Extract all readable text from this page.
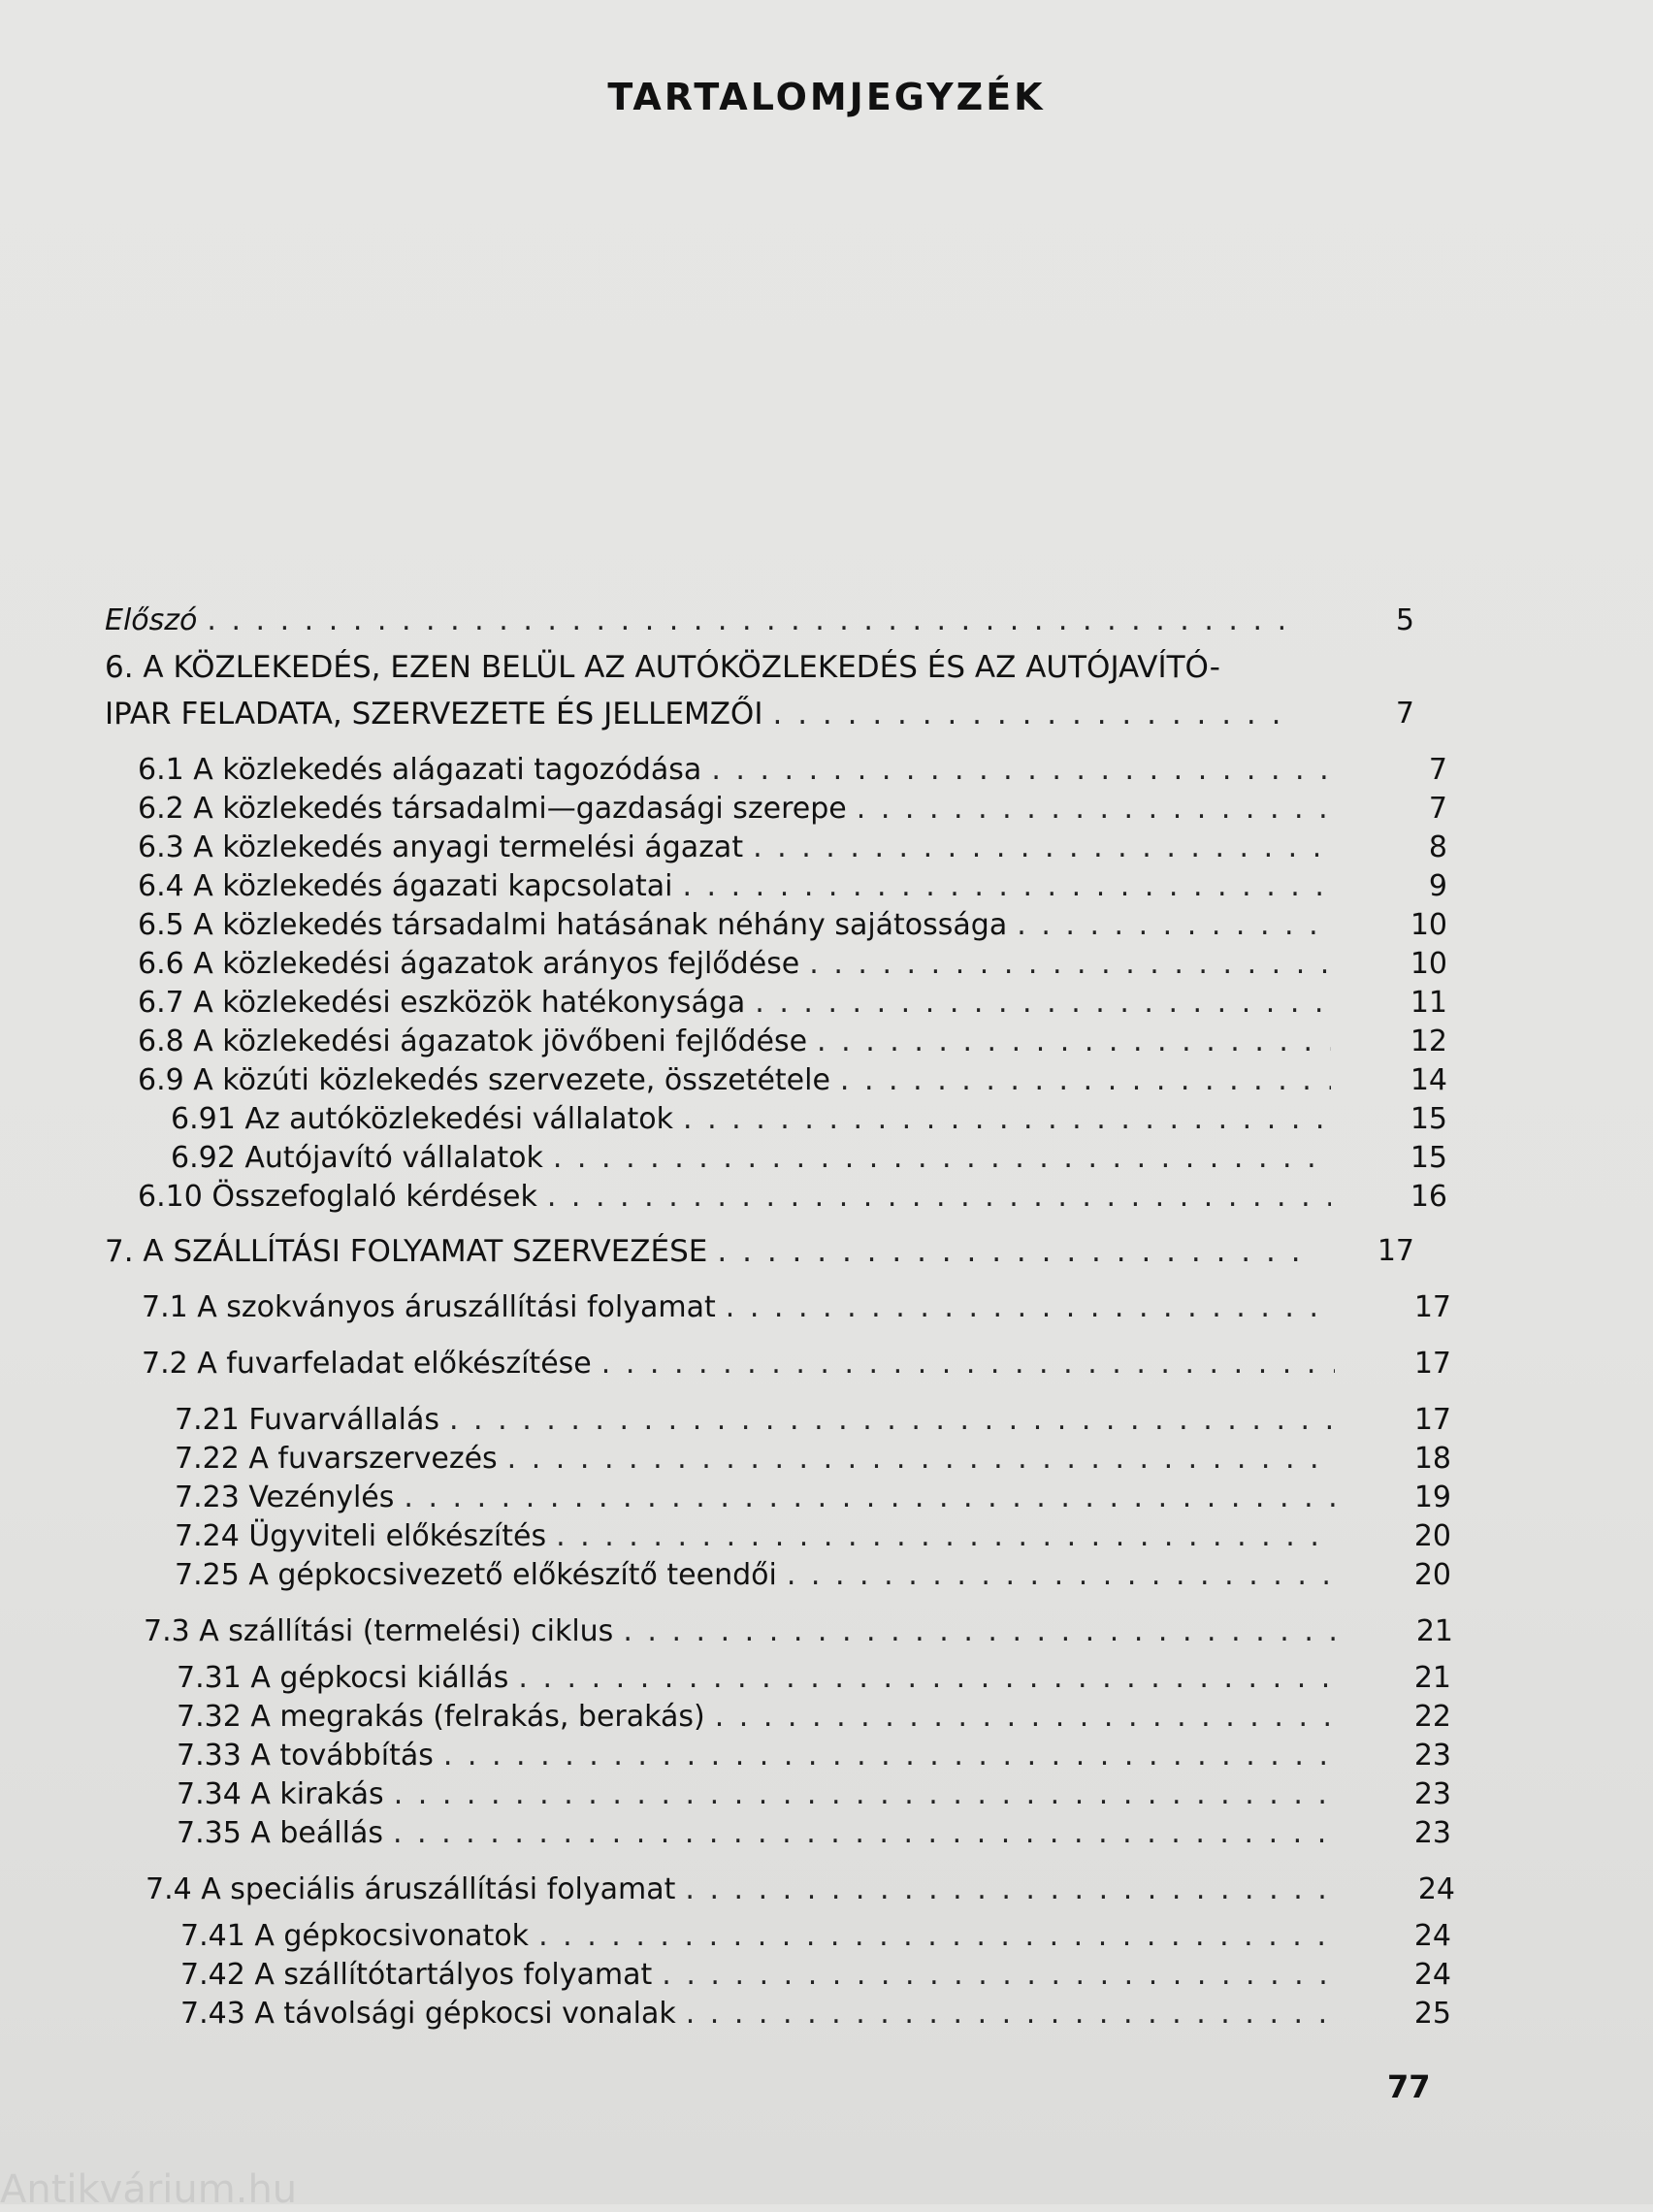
TARTALOMJEGYZÉK
Előszó . . .	5
6. A KÖZLEKEDÉS, EZEN BELÜL AZ AUTÓKÖZLEKEDÉS ÉS AZ AUTÓJAVÍTÓ-
IPAR FELADATA, SZERVEZETE ÉS JELLEMZŐI . . .	7
6.1 A közlekedés alágazati tagozódása . . .	7
6.2 A közlekedés társadalmi—gazdasági szerepe . . .	7
6.3 A közlekedés anyagi termelési ágazat . . .	8
6.4 A közlekedés ágazati kapcsolatai . . .	9
6.5 A közlekedés társadalmi hatásának néhány sajátossága . . .	10
6.6 A közlekedési ágazatok arányos fejlődése . . .	10
6.7 A közlekedési eszközök hatékonysága . . .	11
6.8 A közlekedési ágazatok jövőbeni fejlődése . . .	12
6.9 A közúti közlekedés szervezete, összetétele . . .	14
6.91 Az autóközlekedési vállalatok . . .	15
6.92 Autójavító vállalatok . . .	15
6.10 Összefoglaló kérdések . . .	16
7. A SZÁLLÍTÁSI FOLYAMAT SZERVEZÉSE . . .	17
7.1 A szokványos áruszállítási folyamat . . .	17
7.2 A fuvarfeladat előkészítése . . .	17
7.21 Fuvarvállalás . . .	17
7.22 A fuvarszervezés . . .	18
7.23 Vezénylés . . .	19
7.24 Ügyviteli előkészítés . . .	20
7.25 A gépkocsivezető előkészítő teendői . . .	20
7.3 A szállítási (termelési) ciklus . . .	21
7.31 A gépkocsi kiállás . . .	21
7.32 A megrakás (felrakás, berakás) . . .	22
7.33 A továbbítás . . .	23
7.34 A kirakás . . .	23
7.35 A beállás . . .	23
7.4 A speciális áruszállítási folyamat . . .	24
7.41 A gépkocsivonatok . . .	24
7.42 A szállítótartályos folyamat . . .	24
7.43 A távolsági gépkocsi vonalak . . .	25
77
Antikvárium.hu
